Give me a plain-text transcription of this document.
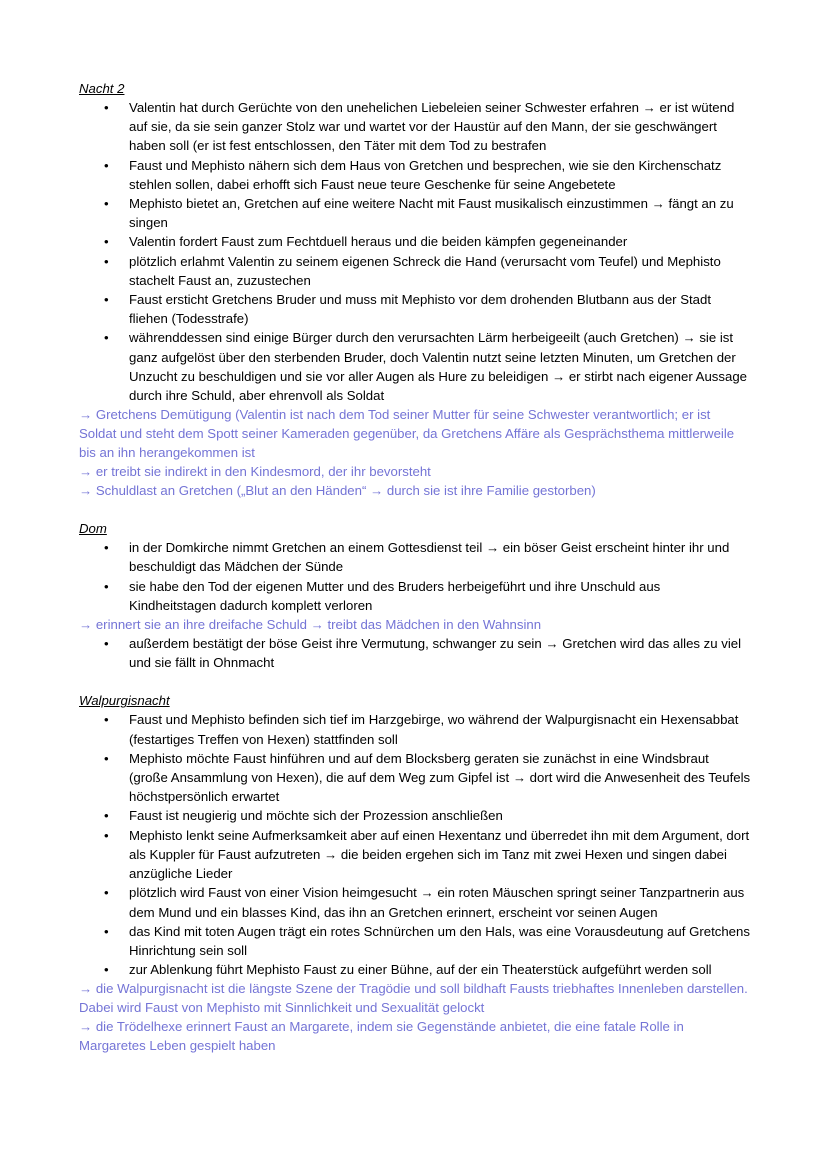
Nacht 2

• Valentin hat durch Gerüchte von den unehelichen Liebeleien seiner Schwester erfahren → er ist wütend auf sie, da sie sein ganzer Stolz war und wartet vor der Haustür auf den Mann, der sie geschwängert haben soll (er ist fest entschlossen, den Täter mit dem Tod zu bestrafen
• Faust und Mephisto nähern sich dem Haus von Gretchen und besprechen, wie sie den Kirchenschatz stehlen sollen, dabei erhofft sich Faust neue teure Geschenke für seine Angebetete
• Mephisto bietet an, Gretchen auf eine weitere Nacht mit Faust musikalisch einzustimmen → fängt an zu singen
• Valentin fordert Faust zum Fechtduell heraus und die beiden kämpfen gegeneinander
• plötzlich erlahmt Valentin zu seinem eigenen Schreck die Hand (verursacht vom Teufel) und Mephisto stachelt Faust an, zuzustechen
• Faust ersticht Gretchens Bruder und muss mit Mephisto vor dem drohenden Blutbann aus der Stadt fliehen (Todesstrafe)
• währenddessen sind einige Bürger durch den verursachten Lärm herbeigeeilt (auch Gretchen) → sie ist ganz aufgelöst über den sterbenden Bruder, doch Valentin nutzt seine letzten Minuten, um Gretchen der Unzucht zu beschuldigen und sie vor aller Augen als Hure zu beleidigen → er stirbt nach eigener Aussage durch ihre Schuld, aber ehrenvoll als Soldat

→ Gretchens Demütigung (Valentin ist nach dem Tod seiner Mutter für seine Schwester verantwortlich; er ist Soldat und steht dem Spott seiner Kameraden gegenüber, da Gretchens Affäre als Gesprächsthema mittlerweile bis an ihn herangekommen ist

→ er treibt sie indirekt in den Kindesmord, der ihr bevorsteht

→ Schuldlast an Gretchen („Blut an den Händen“ → durch sie ist ihre Familie gestorben)

Dom

• in der Domkirche nimmt Gretchen an einem Gottesdienst teil → ein böser Geist erscheint hinter ihr und beschuldigt das Mädchen der Sünde
• sie habe den Tod der eigenen Mutter und des Bruders herbeigeführt und ihre Unschuld aus Kindheitstagen dadurch komplett verloren

→ erinnert sie an ihre dreifache Schuld → treibt das Mädchen in den Wahnsinn

• außerdem bestätigt der böse Geist ihre Vermutung, schwanger zu sein → Gretchen wird das alles zu viel und sie fällt in Ohnmacht

Walpurgisnacht

• Faust und Mephisto befinden sich tief im Harzgebirge, wo während der Walpurgisnacht ein Hexensabbat (festartiges Treffen von Hexen) stattfinden soll
• Mephisto möchte Faust hinführen und auf dem Blocksberg geraten sie zunächst in eine Windsbraut (große Ansammlung von Hexen), die auf dem Weg zum Gipfel ist → dort wird die Anwesenheit des Teufels höchstpersönlich erwartet
• Faust ist neugierig und möchte sich der Prozession anschließen
• Mephisto lenkt seine Aufmerksamkeit aber auf einen Hexentanz und überredet ihn mit dem Argument, dort als Kuppler für Faust aufzutreten → die beiden ergehen sich im Tanz mit zwei Hexen und singen dabei anzügliche Lieder
• plötzlich wird Faust von einer Vision heimgesucht → ein roten Mäuschen springt seiner Tanzpartnerin aus dem Mund und ein blasses Kind, das ihn an Gretchen erinnert, erscheint vor seinen Augen
• das Kind mit toten Augen trägt ein rotes Schnürchen um den Hals, was eine Vorausdeutung auf Gretchens Hinrichtung sein soll
• zur Ablenkung führt Mephisto Faust zu einer Bühne, auf der ein Theaterstück aufgeführt werden soll

→ die Walpurgisnacht ist die längste Szene der Tragödie und soll bildhaft Fausts triebhaftes Innenleben darstellen. Dabei wird Faust von Mephisto mit Sinnlichkeit und Sexualität gelockt

→ die Trödelhexe erinnert Faust an Margarete, indem sie Gegenstände anbietet, die eine fatale Rolle in Margaretes Leben gespielt haben
